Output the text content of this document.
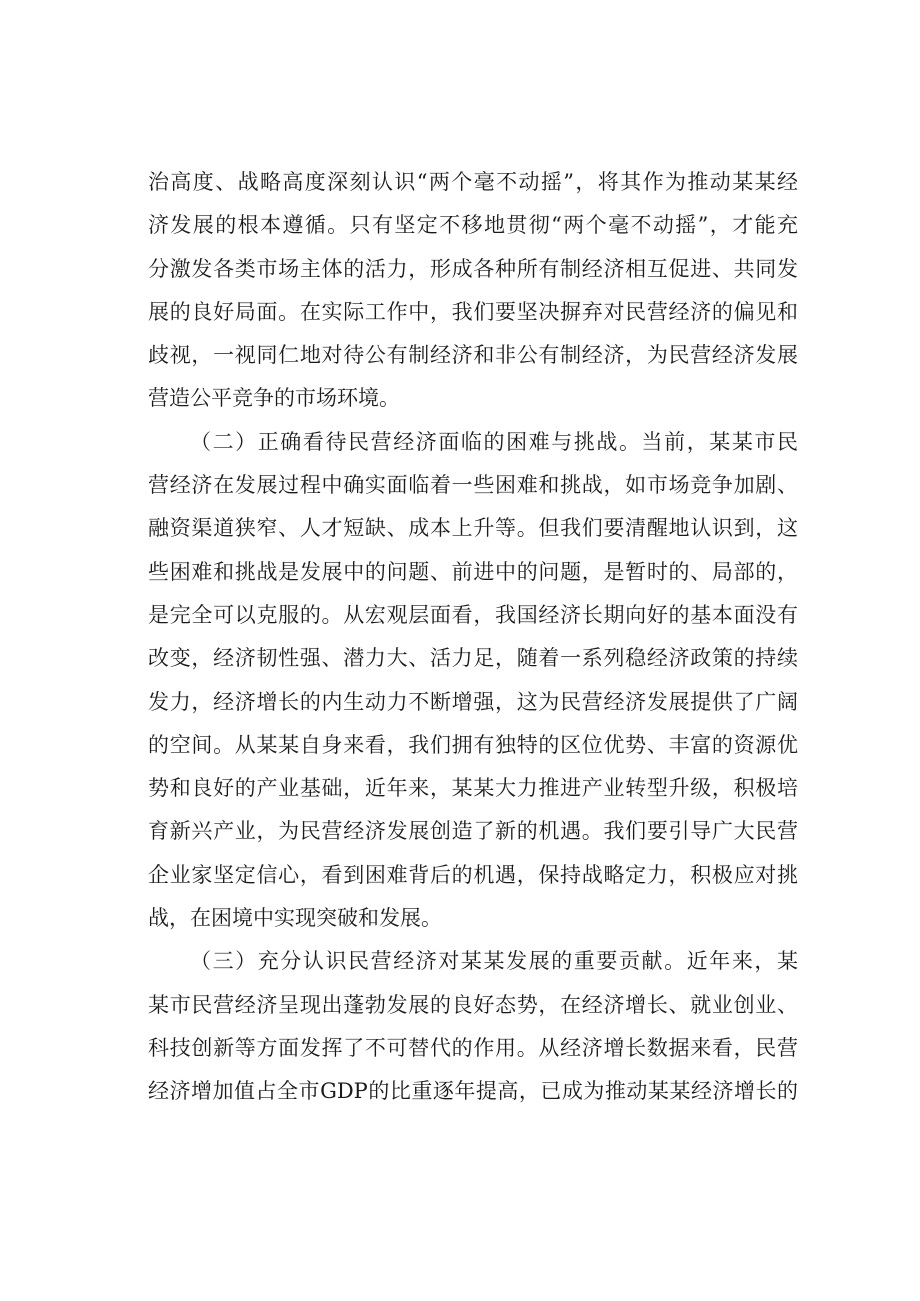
治高度、战略高度深刻认识“两个毫不动摇”，将其作为推动某某经
济发展的根本遵循。只有坚定不移地贯彻“两个毫不动摇”，才能充
分激发各类市场主体的活力，形成各种所有制经济相互促进、共同发
展的良好局面。在实际工作中，我们要坚决摒弃对民营经济的偏见和
歧视，一视同仁地对待公有制经济和非公有制经济，为民营经济发展
营造公平竞争的市场环境。
（二）正确看待民营经济面临的困难与挑战。当前，某某市民
营经济在发展过程中确实面临着一些困难和挑战，如市场竞争加剧、
融资渠道狭窄、人才短缺、成本上升等。但我们要清醒地认识到，这
些困难和挑战是发展中的问题、前进中的问题，是暂时的、局部的，
是完全可以克服的。从宏观层面看，我国经济长期向好的基本面没有
改变，经济韧性强、潜力大、活力足，随着一系列稳经济政策的持续
发力，经济增长的内生动力不断增强，这为民营经济发展提供了广阔
的空间。从某某自身来看，我们拥有独特的区位优势、丰富的资源优
势和良好的产业基础，近年来，某某大力推进产业转型升级，积极培
育新兴产业，为民营经济发展创造了新的机遇。我们要引导广大民营
企业家坚定信心，看到困难背后的机遇，保持战略定力，积极应对挑
战，在困境中实现突破和发展。
（三）充分认识民营经济对某某发展的重要贡献。近年来，某
某市民营经济呈现出蓬勃发展的良好态势，在经济增长、就业创业、
科技创新等方面发挥了不可替代的作用。从经济增长数据来看，民营
经济增加值占全市GDP的比重逐年提高，已成为推动某某经济增长的
